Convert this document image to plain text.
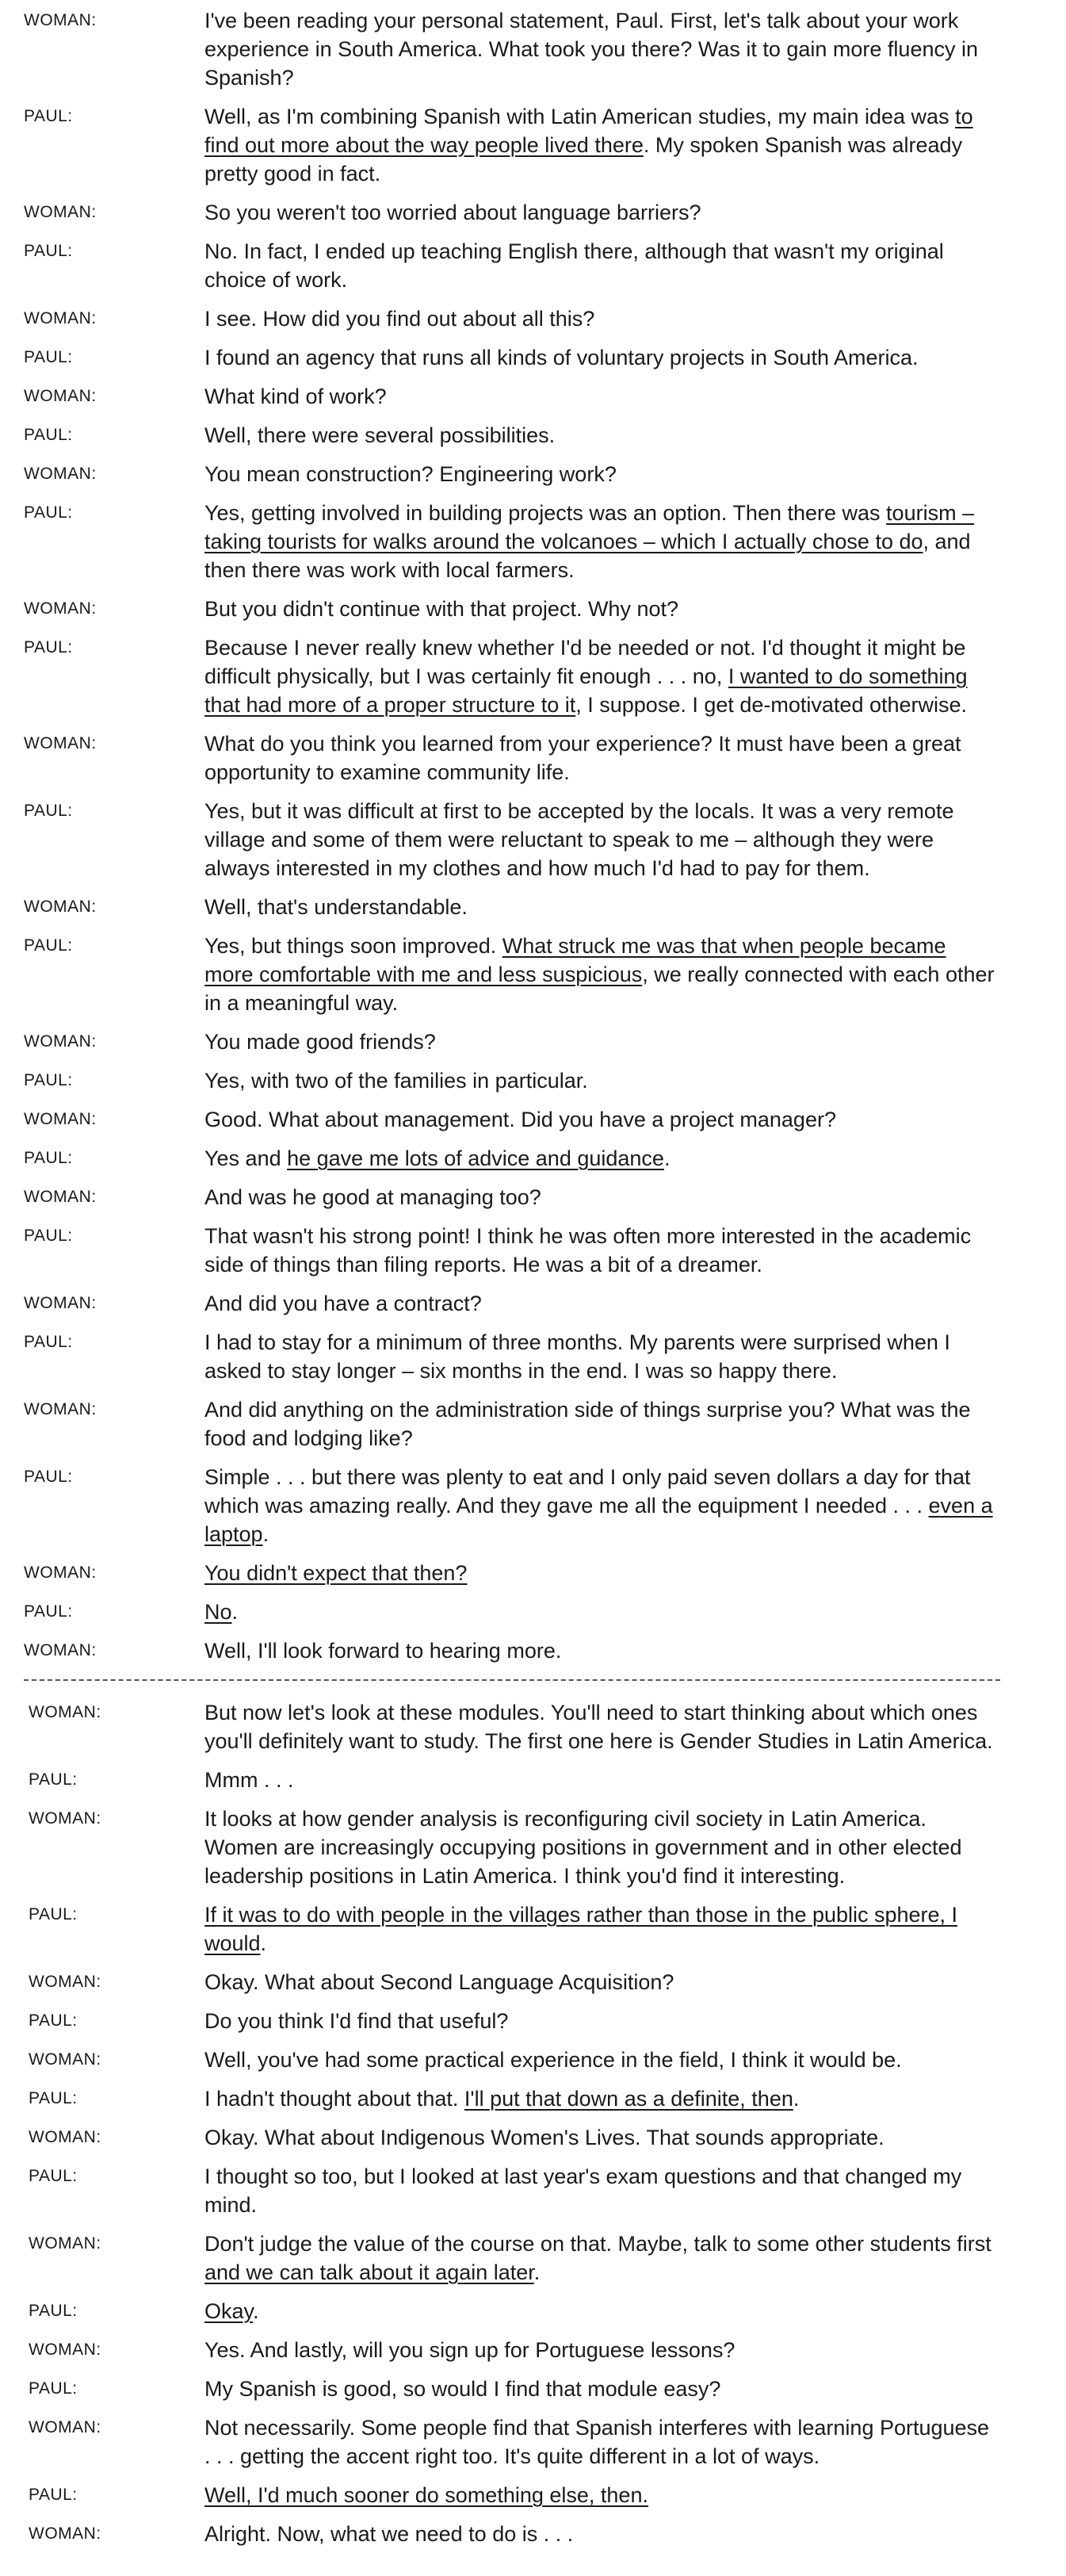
WOMAN:	I've been reading your personal statement, Paul. First, let's talk about your work experience in South America. What took you there? Was it to gain more fluency in Spanish?
PAUL:	Well, as I'm combining Spanish with Latin American studies, my main idea was to find out more about the way people lived there. My spoken Spanish was already pretty good in fact.
WOMAN:	So you weren't too worried about language barriers?
PAUL:	No. In fact, I ended up teaching English there, although that wasn't my original choice of work.
WOMAN:	I see. How did you find out about all this?
PAUL:	I found an agency that runs all kinds of voluntary projects in South America.
WOMAN:	What kind of work?
PAUL:	Well, there were several possibilities.
WOMAN:	You mean construction? Engineering work?
PAUL:	Yes, getting involved in building projects was an option. Then there was tourism – taking tourists for walks around the volcanoes – which I actually chose to do, and then there was work with local farmers.
WOMAN:	But you didn't continue with that project. Why not?
PAUL:	Because I never really knew whether I'd be needed or not. I'd thought it might be difficult physically, but I was certainly fit enough . . . no, I wanted to do something that had more of a proper structure to it, I suppose. I get de-motivated otherwise.
WOMAN:	What do you think you learned from your experience? It must have been a great opportunity to examine community life.
PAUL:	Yes, but it was difficult at first to be accepted by the locals. It was a very remote village and some of them were reluctant to speak to me – although they were always interested in my clothes and how much I'd had to pay for them.
WOMAN:	Well, that's understandable.
PAUL:	Yes, but things soon improved. What struck me was that when people became more comfortable with me and less suspicious, we really connected with each other in a meaningful way.
WOMAN:	You made good friends?
PAUL:	Yes, with two of the families in particular.
WOMAN:	Good. What about management. Did you have a project manager?
PAUL:	Yes and he gave me lots of advice and guidance.
WOMAN:	And was he good at managing too?
PAUL:	That wasn't his strong point! I think he was often more interested in the academic side of things than filing reports. He was a bit of a dreamer.
WOMAN:	And did you have a contract?
PAUL:	I had to stay for a minimum of three months. My parents were surprised when I asked to stay longer – six months in the end. I was so happy there.
WOMAN:	And did anything on the administration side of things surprise you? What was the food and lodging like?
PAUL:	Simple . . . but there was plenty to eat and I only paid seven dollars a day for that which was amazing really. And they gave me all the equipment I needed . . . even a laptop.
WOMAN:	You didn't expect that then?
PAUL:	No.
WOMAN:	Well, I'll look forward to hearing more.
WOMAN:	But now let's look at these modules. You'll need to start thinking about which ones you'll definitely want to study. The first one here is Gender Studies in Latin America.
PAUL:	Mmm . . .
WOMAN:	It looks at how gender analysis is reconfiguring civil society in Latin America. Women are increasingly occupying positions in government and in other elected leadership positions in Latin America. I think you'd find it interesting.
PAUL:	If it was to do with people in the villages rather than those in the public sphere, I would.
WOMAN:	Okay. What about Second Language Acquisition?
PAUL:	Do you think I'd find that useful?
WOMAN:	Well, you've had some practical experience in the field, I think it would be.
PAUL:	I hadn't thought about that. I'll put that down as a definite, then.
WOMAN:	Okay. What about Indigenous Women's Lives. That sounds appropriate.
PAUL:	I thought so too, but I looked at last year's exam questions and that changed my mind.
WOMAN:	Don't judge the value of the course on that. Maybe, talk to some other students first and we can talk about it again later.
PAUL:	Okay.
WOMAN:	Yes. And lastly, will you sign up for Portuguese lessons?
PAUL:	My Spanish is good, so would I find that module easy?
WOMAN:	Not necessarily. Some people find that Spanish interferes with learning Portuguese . . . getting the accent right too. It's quite different in a lot of ways.
PAUL:	Well, I'd much sooner do something else, then.
WOMAN:	Alright. Now, what we need to do is . . .
